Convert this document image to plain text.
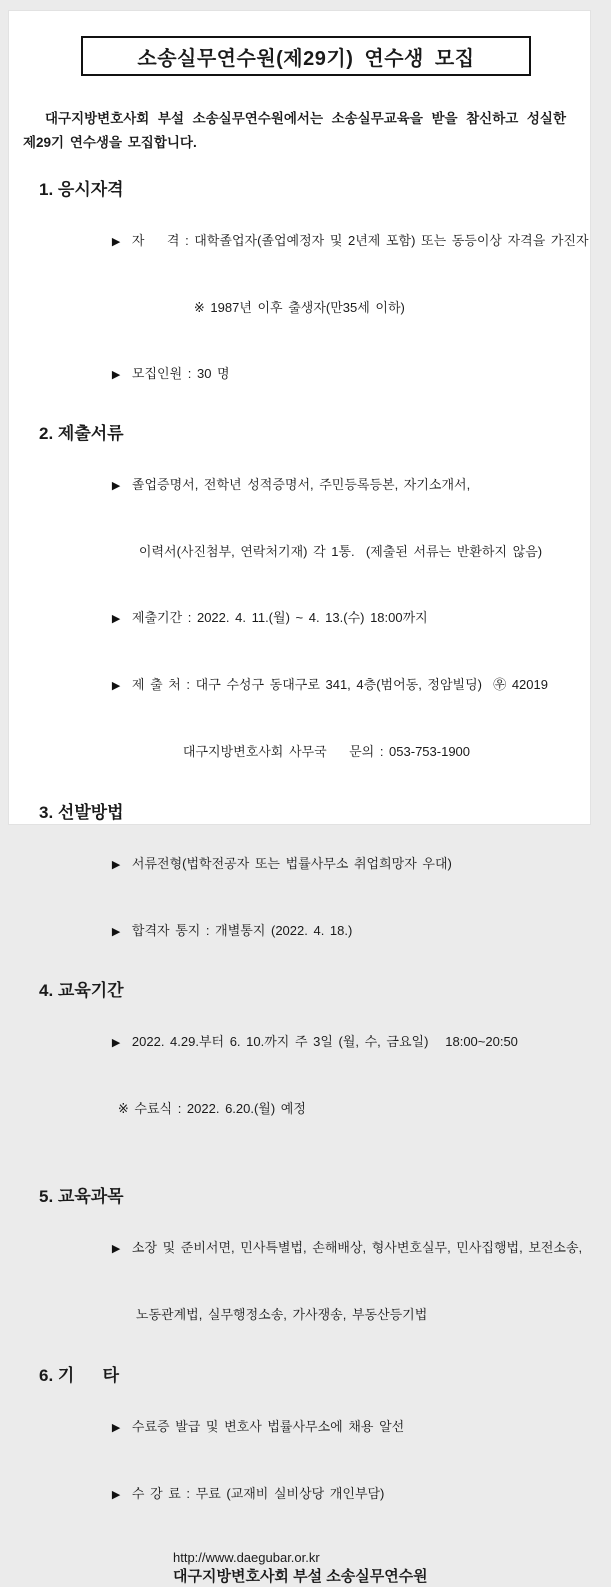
소송실무연수원(제29기) 연수생 모집

대구지방변호사회 부설 소송실무연수원에서는 소송실무교육을 받을 참신하고 성실한 제29기 연수생을 모집합니다.

1. 응시자격

▶ 자    격 : 대학졸업자(졸업예정자 및 2년제 포함) 또는 동등이상 자격을 가진자

※ 1987년 이후 출생자(만35세 이하)

▶ 모집인원 : 30 명

2. 제출서류

▶ 졸업증명서, 전학년 성적증명서, 주민등록등본, 자기소개서,

이력서(사진첨부, 연락처기재) 각 1통.  (제출된 서류는 반환하지 않음)

▶ 제출기간 : 2022. 4. 11.(월) ~ 4. 13.(수) 18:00까지

▶ 제 출 처 : 대구 수성구 동대구로 341, 4층(범어동, 정암빌딩)  ㉾ 42019

대구지방변호사회 사무국    문의 : 053-753-1900

3. 선발방법

▶ 서류전형(법학전공자 또는 법률사무소 취업희망자 우대)

▶ 합격자 통지 : 개별통지 (2022. 4. 18.)

4. 교육기간

▶ 2022. 4.29.부터 6. 10.까지 주 3일 (월, 수, 금요일)   18:00~20:50

※ 수료식 : 2022. 6.20.(월) 예정

5. 교육과목

▶ 소장 및 준비서면, 민사특별법, 손해배상, 형사변호실무, 민사집행법, 보전소송,

노동관계법, 실무행정소송, 가사쟁송, 부동산등기법

6. 기      타

▶ 수료증 발급 및 변호사 법률사무소에 채용 알선

▶ 수 강 료 : 무료 (교재비 실비상당 개인부담)

http://www.daegubar.or.kr
대구지방변호사회 부설 소송실무연수원
